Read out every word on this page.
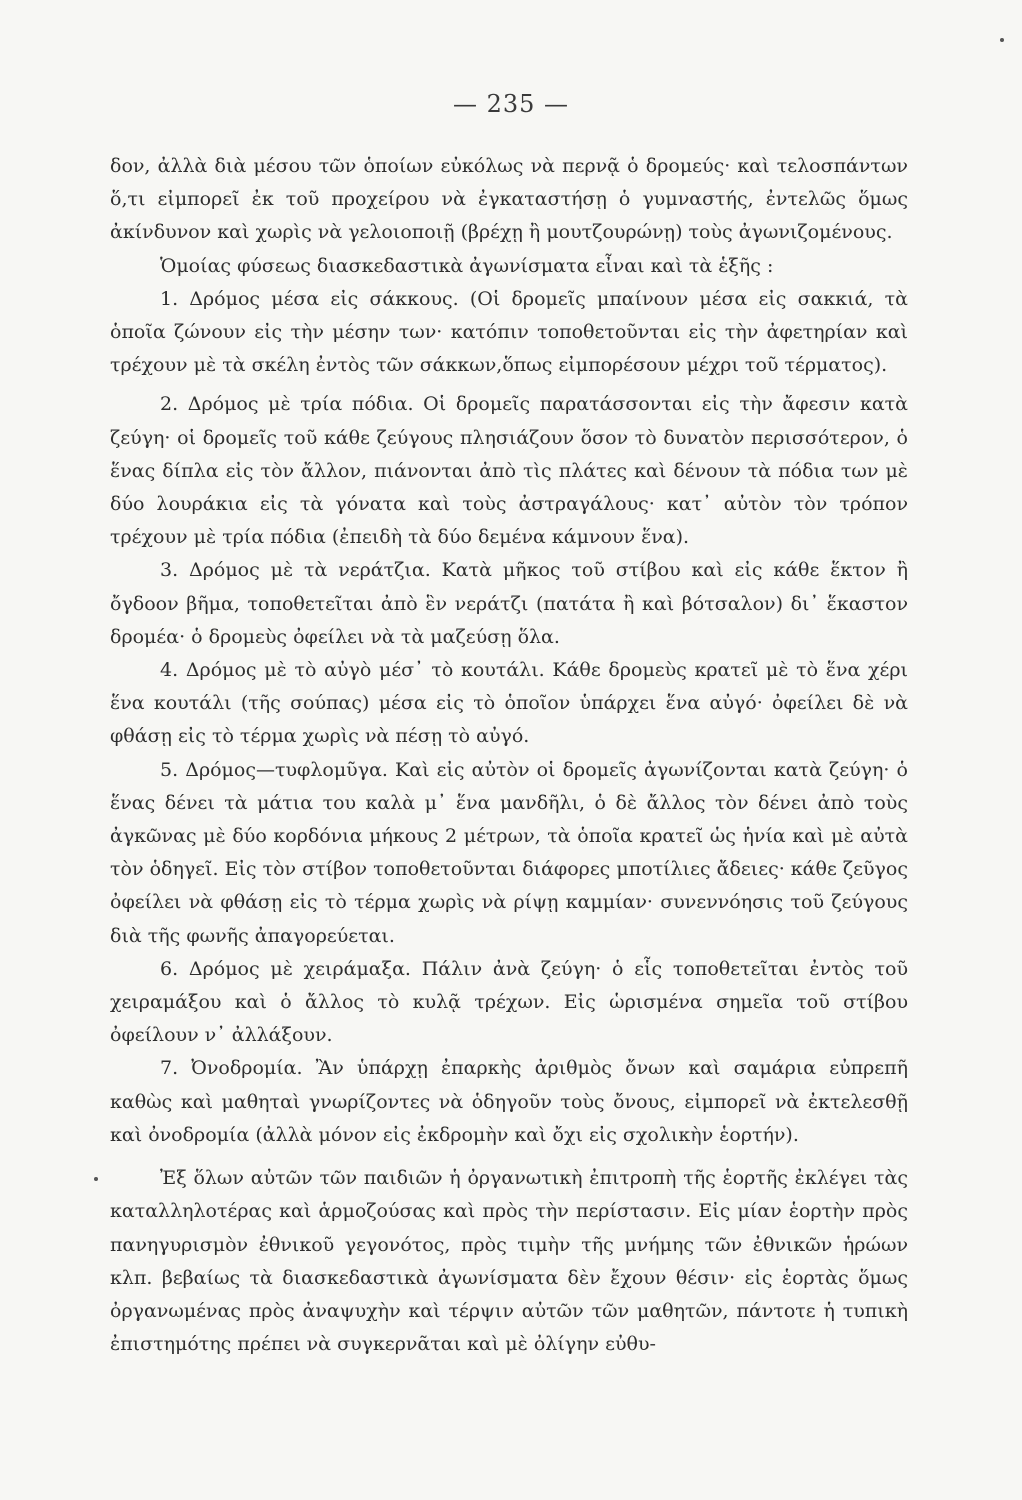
— 235 —

δον, ἀλλὰ διὰ μέσου τῶν ὁποίων εὐκόλως νὰ περνᾷ ὁ δρομεύς· καὶ τελοσπάντων ὅ,τι εἰμπορεῖ ἐκ τοῦ προχείρου νὰ ἐγκαταστήσῃ ὁ γυμναστής, ἐντελῶς ὅμως ἀκίνδυνον καὶ χωρὶς νὰ γελοιοποιῇ (βρέχῃ ἢ μουτζουρώνῃ) τοὺς ἀγωνιζομένους.

Ὁμοίας φύσεως διασκεδαστικὰ ἀγωνίσματα εἶναι καὶ τὰ ἑξῆς :

1. Δρόμος μέσα εἰς σάκκους. (Οἱ δρομεῖς μπαίνουν μέσα εἰς σακκιά, τὰ ὁποῖα ζώνουν εἰς τὴν μέσην των· κατόπιν τοποθετοῦνται εἰς τὴν ἀφετηρίαν καὶ τρέχουν μὲ τὰ σκέλη ἐντὸς τῶν σάκκων,ὅπως εἰμπορέσουν μέχρι τοῦ τέρματος).

2. Δρόμος μὲ τρία πόδια. Οἱ δρομεῖς παρατάσσονται εἰς τὴν ἄφεσιν κατὰ ζεύγη· οἱ δρομεῖς τοῦ κάθε ζεύγους πλησιάζουν ὅσον τὸ δυνατὸν περισσότερον, ὁ ἕνας δίπλα εἰς τὸν ἄλλον, πιάνονται ἀπὸ τὶς πλάτες καὶ δένουν τὰ πόδια των μὲ δύο λουράκια εἰς τὰ γόνατα καὶ τοὺς ἀστραγάλους· κατ᾽ αὐτὸν τὸν τρόπον τρέχουν μὲ τρία πόδια (ἐπειδὴ τὰ δύο δεμένα κάμνουν ἕνα).

3. Δρόμος μὲ τὰ νεράτζια. Κατὰ μῆκος τοῦ στίβου καὶ εἰς κάθε ἕκτον ἢ ὄγδοον βῆμα, τοποθετεῖται ἀπὸ ἓν νεράτζι (πατάτα ἢ καὶ βότσαλον) δι᾽ ἕκαστον δρομέα· ὁ δρομεὺς ὀφείλει νὰ τὰ μαζεύσῃ ὅλα.

4. Δρόμος μὲ τὸ αὐγὸ μέσ᾽ τὸ κουτάλι. Κάθε δρομεὺς κρατεῖ μὲ τὸ ἕνα χέρι ἕνα κουτάλι (τῆς σούπας) μέσα εἰς τὸ ὁποῖον ὑπάρχει ἕνα αὐγό· ὀφείλει δὲ νὰ φθάσῃ εἰς τὸ τέρμα χωρὶς νὰ πέσῃ τὸ αὐγό.

5. Δρόμος—τυφλομῦγα. Καὶ εἰς αὐτὸν οἱ δρομεῖς ἀγωνίζονται κατὰ ζεύγη· ὁ ἕνας δένει τὰ μάτια του καλὰ μ᾽ ἕνα μανδῆλι, ὁ δὲ ἄλλος τὸν δένει ἀπὸ τοὺς ἀγκῶνας μὲ δύο κορδόνια μήκους 2 μέτρων, τὰ ὁποῖα κρατεῖ ὡς ἡνία καὶ μὲ αὐτὰ τὸν ὁδηγεῖ. Εἰς τὸν στίβον τοποθετοῦνται διάφορες μποτίλιες ἄδειες· κάθε ζεῦγος ὀφείλει νὰ φθάσῃ εἰς τὸ τέρμα χωρὶς νὰ ρίψῃ καμμίαν· συνεννόησις τοῦ ζεύγους διὰ τῆς φωνῆς ἀπαγορεύεται.

6. Δρόμος μὲ χειράμαξα. Πάλιν ἀνὰ ζεύγη· ὁ εἷς τοποθετεῖται ἐντὸς τοῦ χειραμάξου καὶ ὁ ἄλλος τὸ κυλᾷ τρέχων. Εἰς ὡρισμένα σημεῖα τοῦ στίβου ὀφείλουν ν᾽ ἀλλάξουν.

7. Ὀνοδρομία. Ἂν ὑπάρχῃ ἐπαρκὴς ἀριθμὸς ὄνων καὶ σαμάρια εὐπρεπῆ καθὼς καὶ μαθηταὶ γνωρίζοντες νὰ ὁδηγοῦν τοὺς ὄνους, εἰμπορεῖ νὰ ἐκτελεσθῇ καὶ ὀνοδρομία (ἀλλὰ μόνον εἰς ἐκδρομὴν καὶ ὄχι εἰς σχολικὴν ἑορτήν).

Ἐξ ὅλων αὐτῶν τῶν παιδιῶν ἡ ὀργανωτικὴ ἐπιτροπὴ τῆς ἑορτῆς ἐκλέγει τὰς καταλληλοτέρας καὶ ἁρμοζούσας καὶ πρὸς τὴν περίστασιν. Εἰς μίαν ἑορτὴν πρὸς πανηγυρισμὸν ἐθνικοῦ γεγονότος, πρὸς τιμὴν τῆς μνήμης τῶν ἐθνικῶν ἡρώων κλπ. βεβαίως τὰ διασκεδαστικὰ ἀγωνίσματα δὲν ἔχουν θέσιν· εἰς ἑορτὰς ὅμως ὀργανωμένας πρὸς ἀναψυχὴν καὶ τέρψιν αὐτῶν τῶν μαθητῶν, πάντοτε ἡ τυπικὴ ἐπιστημότης πρέπει νὰ συγκερνᾶται καὶ μὲ ὀλίγην εὐθυ-
